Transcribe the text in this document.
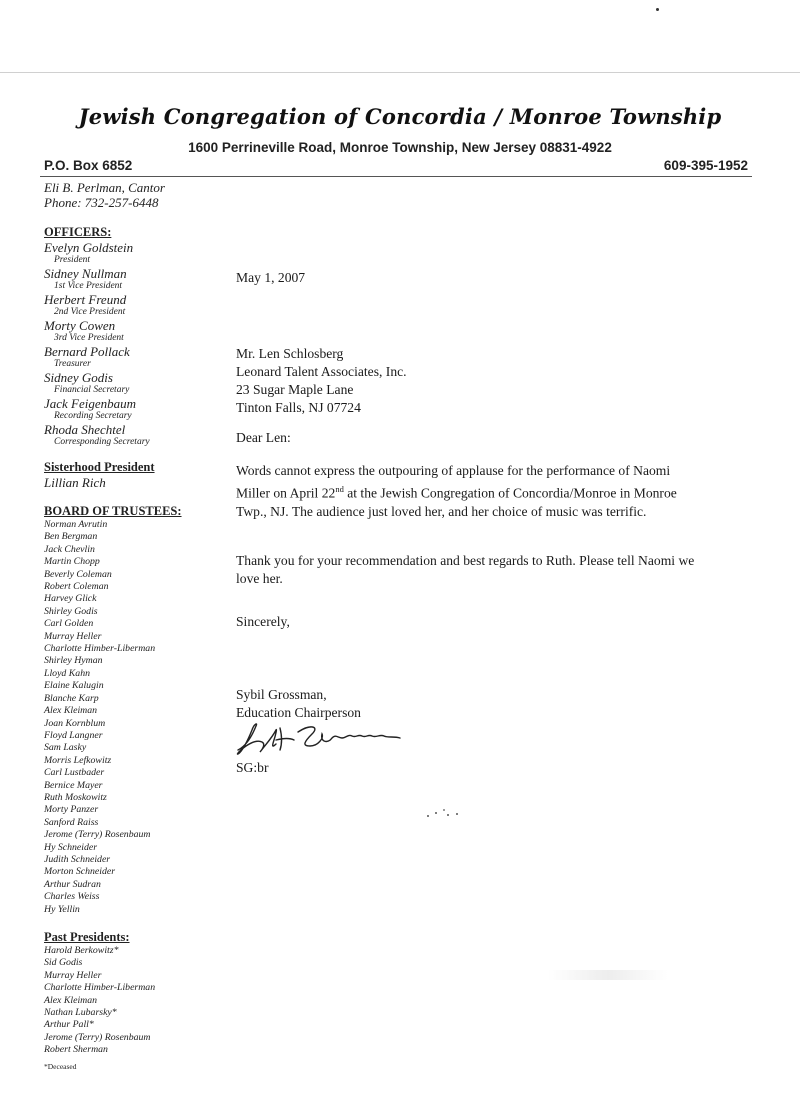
Jewish Congregation of Concordia / Monroe Township
1600 Perrineville Road, Monroe Township, New Jersey 08831-4922
P.O. Box 6852	609-395-1952
Eli B. Perlman, Cantor
Phone: 732-257-6448
OFFICERS:
Evelyn Goldstein
President
Sidney Nullman
1st Vice President
Herbert Freund
2nd Vice President
Morty Cowen
3rd Vice President
Bernard Pollack
Treasurer
Sidney Godis
Financial Secretary
Jack Feigenbaum
Recording Secretary
Rhoda Shechtel
Corresponding Secretary
Sisterhood President
Lillian Rich
BOARD OF TRUSTEES:
Norman Avrutin
Ben Bergman
Jack Chevlin
Martin Chopp
Beverly Coleman
Robert Coleman
Harvey Glick
Shirley Godis
Carl Golden
Murray Heller
Charlotte Himber-Liberman
Shirley Hyman
Lloyd Kahn
Elaine Kalugin
Blanche Karp
Alex Kleiman
Joan Kornblum
Floyd Langner
Sam Lasky
Morris Lefkowitz
Carl Lustbader
Bernice Mayer
Ruth Moskowitz
Morty Panzer
Sanford Raiss
Jerome (Terry) Rosenbaum
Hy Schneider
Judith Schneider
Morton Schneider
Arthur Sudran
Charles Weiss
Hy Yellin
Past Presidents:
Harold Berkowitz*
Sid Godis
Murray Heller
Charlotte Himber-Liberman
Alex Kleiman
Nathan Lubarsky*
Arthur Pall*
Jerome (Terry) Rosenbaum
Robert Sherman
*Deceased
May 1, 2007
Mr. Len Schlosberg
Leonard Talent Associates, Inc.
23 Sugar Maple Lane
Tinton Falls, NJ 07724
Dear Len:
Words cannot express the outpouring of applause for the performance of Naomi Miller on April 22nd at the Jewish Congregation of Concordia/Monroe in Monroe Twp., NJ. The audience just loved her, and her choice of music was terrific.
Thank you for your recommendation and best regards to Ruth. Please tell Naomi we love her.
Sincerely,
Sybil Grossman,
Education Chairperson
SG:br
